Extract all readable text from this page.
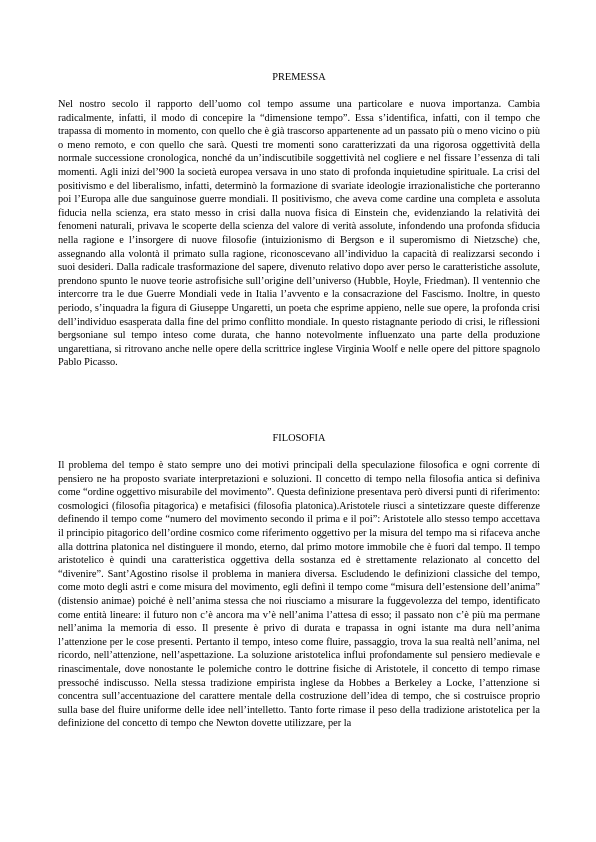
PREMESSA

Nel nostro secolo il rapporto dell’uomo col tempo assume una particolare e nuova importanza. Cambia radicalmente, infatti, il modo di concepire la “dimensione tempo”. Essa s’identifica, infatti, con il tempo che trapassa di momento in momento, con quello che è già trascorso appartenente ad un passato più o meno vicino o più o meno remoto, e con quello che sarà. Questi tre momenti sono caratterizzati da una rigorosa oggettività della normale successione cronologica, nonché da un’indiscutibile soggettività nel cogliere e nel fissare l’essenza di tali momenti. Agli inizi del’900 la società europea versava in uno stato di profonda inquietudine spirituale. La crisi del positivismo e del liberalismo, infatti, determinò la formazione di svariate ideologie irrazionalistiche che porteranno poi l’Europa alle due sanguinose guerre mondiali. Il positivismo, che aveva come cardine una completa e assoluta fiducia nella scienza, era stato messo in crisi dalla nuova fisica di Einstein che, evidenziando la relatività dei fenomeni naturali, privava le scoperte della scienza del valore di verità assolute, infondendo una profonda sfiducia nella ragione e l’insorgere di nuove filosofie (intuizionismo di Bergson e il superomismo di Nietzsche) che, assegnando alla volontà il primato sulla ragione, riconoscevano all’individuo la capacità di realizzarsi secondo i suoi desideri. Dalla radicale trasformazione del sapere, divenuto relativo dopo aver perso le caratteristiche assolute, prendono spunto le nuove teorie astrofisiche sull’origine dell’universo (Hubble, Hoyle, Friedman). Il ventennio che intercorre tra le due Guerre Mondiali vede in Italia l’avvento e la consacrazione del Fascismo. Inoltre, in questo periodo, s’inquadra la figura di Giuseppe Ungaretti, un poeta che esprime appieno, nelle sue opere, la profonda crisi dell’individuo esasperata dalla fine del primo conflitto mondiale. In questo ristagnante periodo di crisi, le riflessioni bergsoniane sul tempo inteso come durata, che hanno notevolmente influenzato una parte della produzione ungarettiana, si ritrovano anche nelle opere della scrittrice inglese Virginia Woolf e nelle opere del pittore spagnolo Pablo Picasso.

FILOSOFIA

Il problema del tempo è stato sempre uno dei motivi principali della speculazione filosofica e ogni corrente di pensiero ne ha proposto svariate interpretazioni e soluzioni. Il concetto di tempo nella filosofia antica si definiva come “ordine oggettivo misurabile del movimento”. Questa definizione presentava però diversi punti di riferimento: cosmologici (filosofia pitagorica) e metafisici (filosofia platonica).Aristotele riuscì a sintetizzare queste differenze definendo il tempo come “numero del movimento secondo il prima e il poi”: Aristotele allo stesso tempo accettava il principio pitagorico dell’ordine cosmico come riferimento oggettivo per la misura del tempo ma si rifaceva anche alla dottrina platonica nel distinguere il mondo, eterno, dal primo motore immobile che è fuori dal tempo. Il tempo aristotelico è quindi una caratteristica oggettiva della sostanza ed è strettamente relazionato al concetto del “divenire”. Sant’Agostino risolse il problema in maniera diversa. Escludendo le definizioni classiche del tempo, come moto degli astri e come misura del movimento, egli definì il tempo come “misura dell’estensione dell’anima” (distensio animae) poiché è nell’anima stessa che noi riusciamo a misurare la fuggevolezza del tempo, identificato come entità lineare: il futuro non c’è ancora ma v’è nell’anima l’attesa di esso; il passato non c’è più ma permane nell’anima la memoria di esso. Il presente è privo di durata e trapassa in ogni istante ma dura nell’anima l’attenzione per le cose presenti. Pertanto il tempo, inteso come fluire, passaggio, trova la sua realtà nell’anima, nel ricordo, nell’attenzione, nell’aspettazione. La soluzione aristotelica influì profondamente sul pensiero medievale e rinascimentale, dove nonostante le polemiche contro le dottrine fisiche di Aristotele, il concetto di tempo rimase pressoché indiscusso. Nella stessa tradizione empirista inglese da Hobbes a Berkeley a Locke, l’attenzione si concentra sull’accentuazione del carattere mentale della costruzione dell’idea di tempo, che si costruisce proprio sulla base del fluire uniforme delle idee nell’intelletto. Tanto forte rimase il peso della tradizione aristotelica per la definizione del concetto di tempo che Newton dovette utilizzare, per la
